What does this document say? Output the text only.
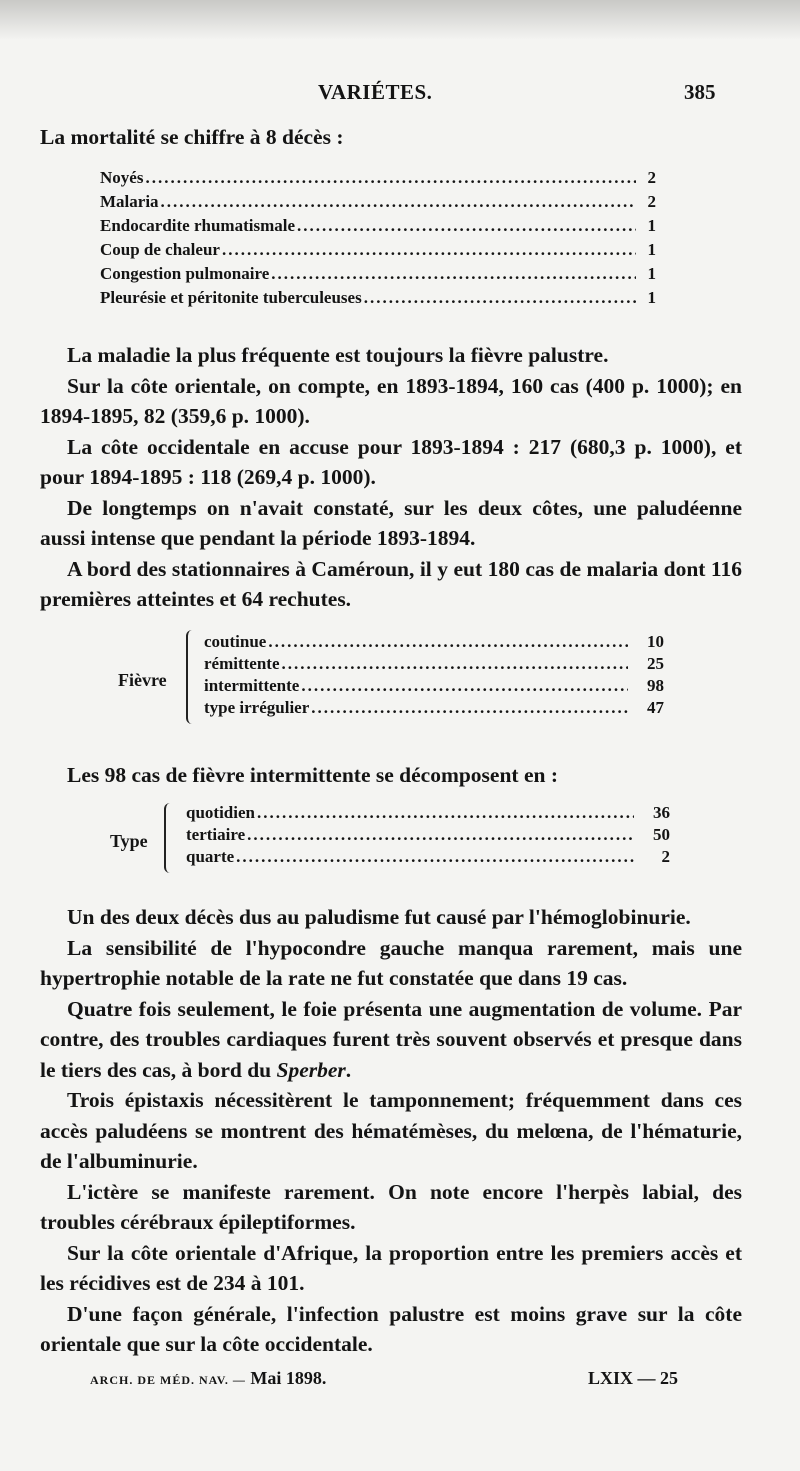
VARIÉTES.	385
La mortalité se chiffre à 8 décès :
Noyés .....	2
Malaria .....	2
Endocardite rhumatismale .....	1
Coup de chaleur .....	1
Congestion pulmonaire .....	1
Pleurésie et péritonite tuberculeuses .....	1
La maladie la plus fréquente est toujours la fièvre palustre.
Sur la côte orientale, on compte, en 1893-1894, 160 cas (400 p. 1000); en 1894-1895, 82 (359,6 p. 1000).
La côte occidentale en accuse pour 1893-1894 : 217 (680,3 p. 1000), et pour 1894-1895 : 118 (269,4 p. 1000).
De longtemps on n'avait constaté, sur les deux côtes, une paludéenne aussi intense que pendant la période 1893-1894.
A bord des stationnaires à Caméroun, il y eut 180 cas de malaria dont 116 premières atteintes et 64 rechutes.
Fièvre
coutinue .....	10
rémittente .....	25
intermittente .....	98
type irrégulier .....	47
Les 98 cas de fièvre intermittente se décomposent en :
Type
quotidien .....	36
tertiaire .....	50
quarte .....	2
Un des deux décès dus au paludisme fut causé par l'hémoglobinurie.
La sensibilité de l'hypocondre gauche manqua rarement, mais une hypertrophie notable de la rate ne fut constatée que dans 19 cas.
Quatre fois seulement, le foie présenta une augmentation de volume. Par contre, des troubles cardiaques furent très souvent observés et presque dans le tiers des cas, à bord du Sperber.
Trois épistaxis nécessitèrent le tamponnement; fréquemment dans ces accès paludéens se montrent des hématémèses, du melœna, de l'hématurie, de l'albuminurie.
L'ictère se manifeste rarement. On note encore l'herpès labial, des troubles cérébraux épileptiformes.
Sur la côte orientale d'Afrique, la proportion entre les premiers accès et les récidives est de 234 à 101.
D'une façon générale, l'infection palustre est moins grave sur la côte orientale que sur la côte occidentale.
ARCH. DE MÉD. NAV. — Mai 1898.	LXIX — 25
